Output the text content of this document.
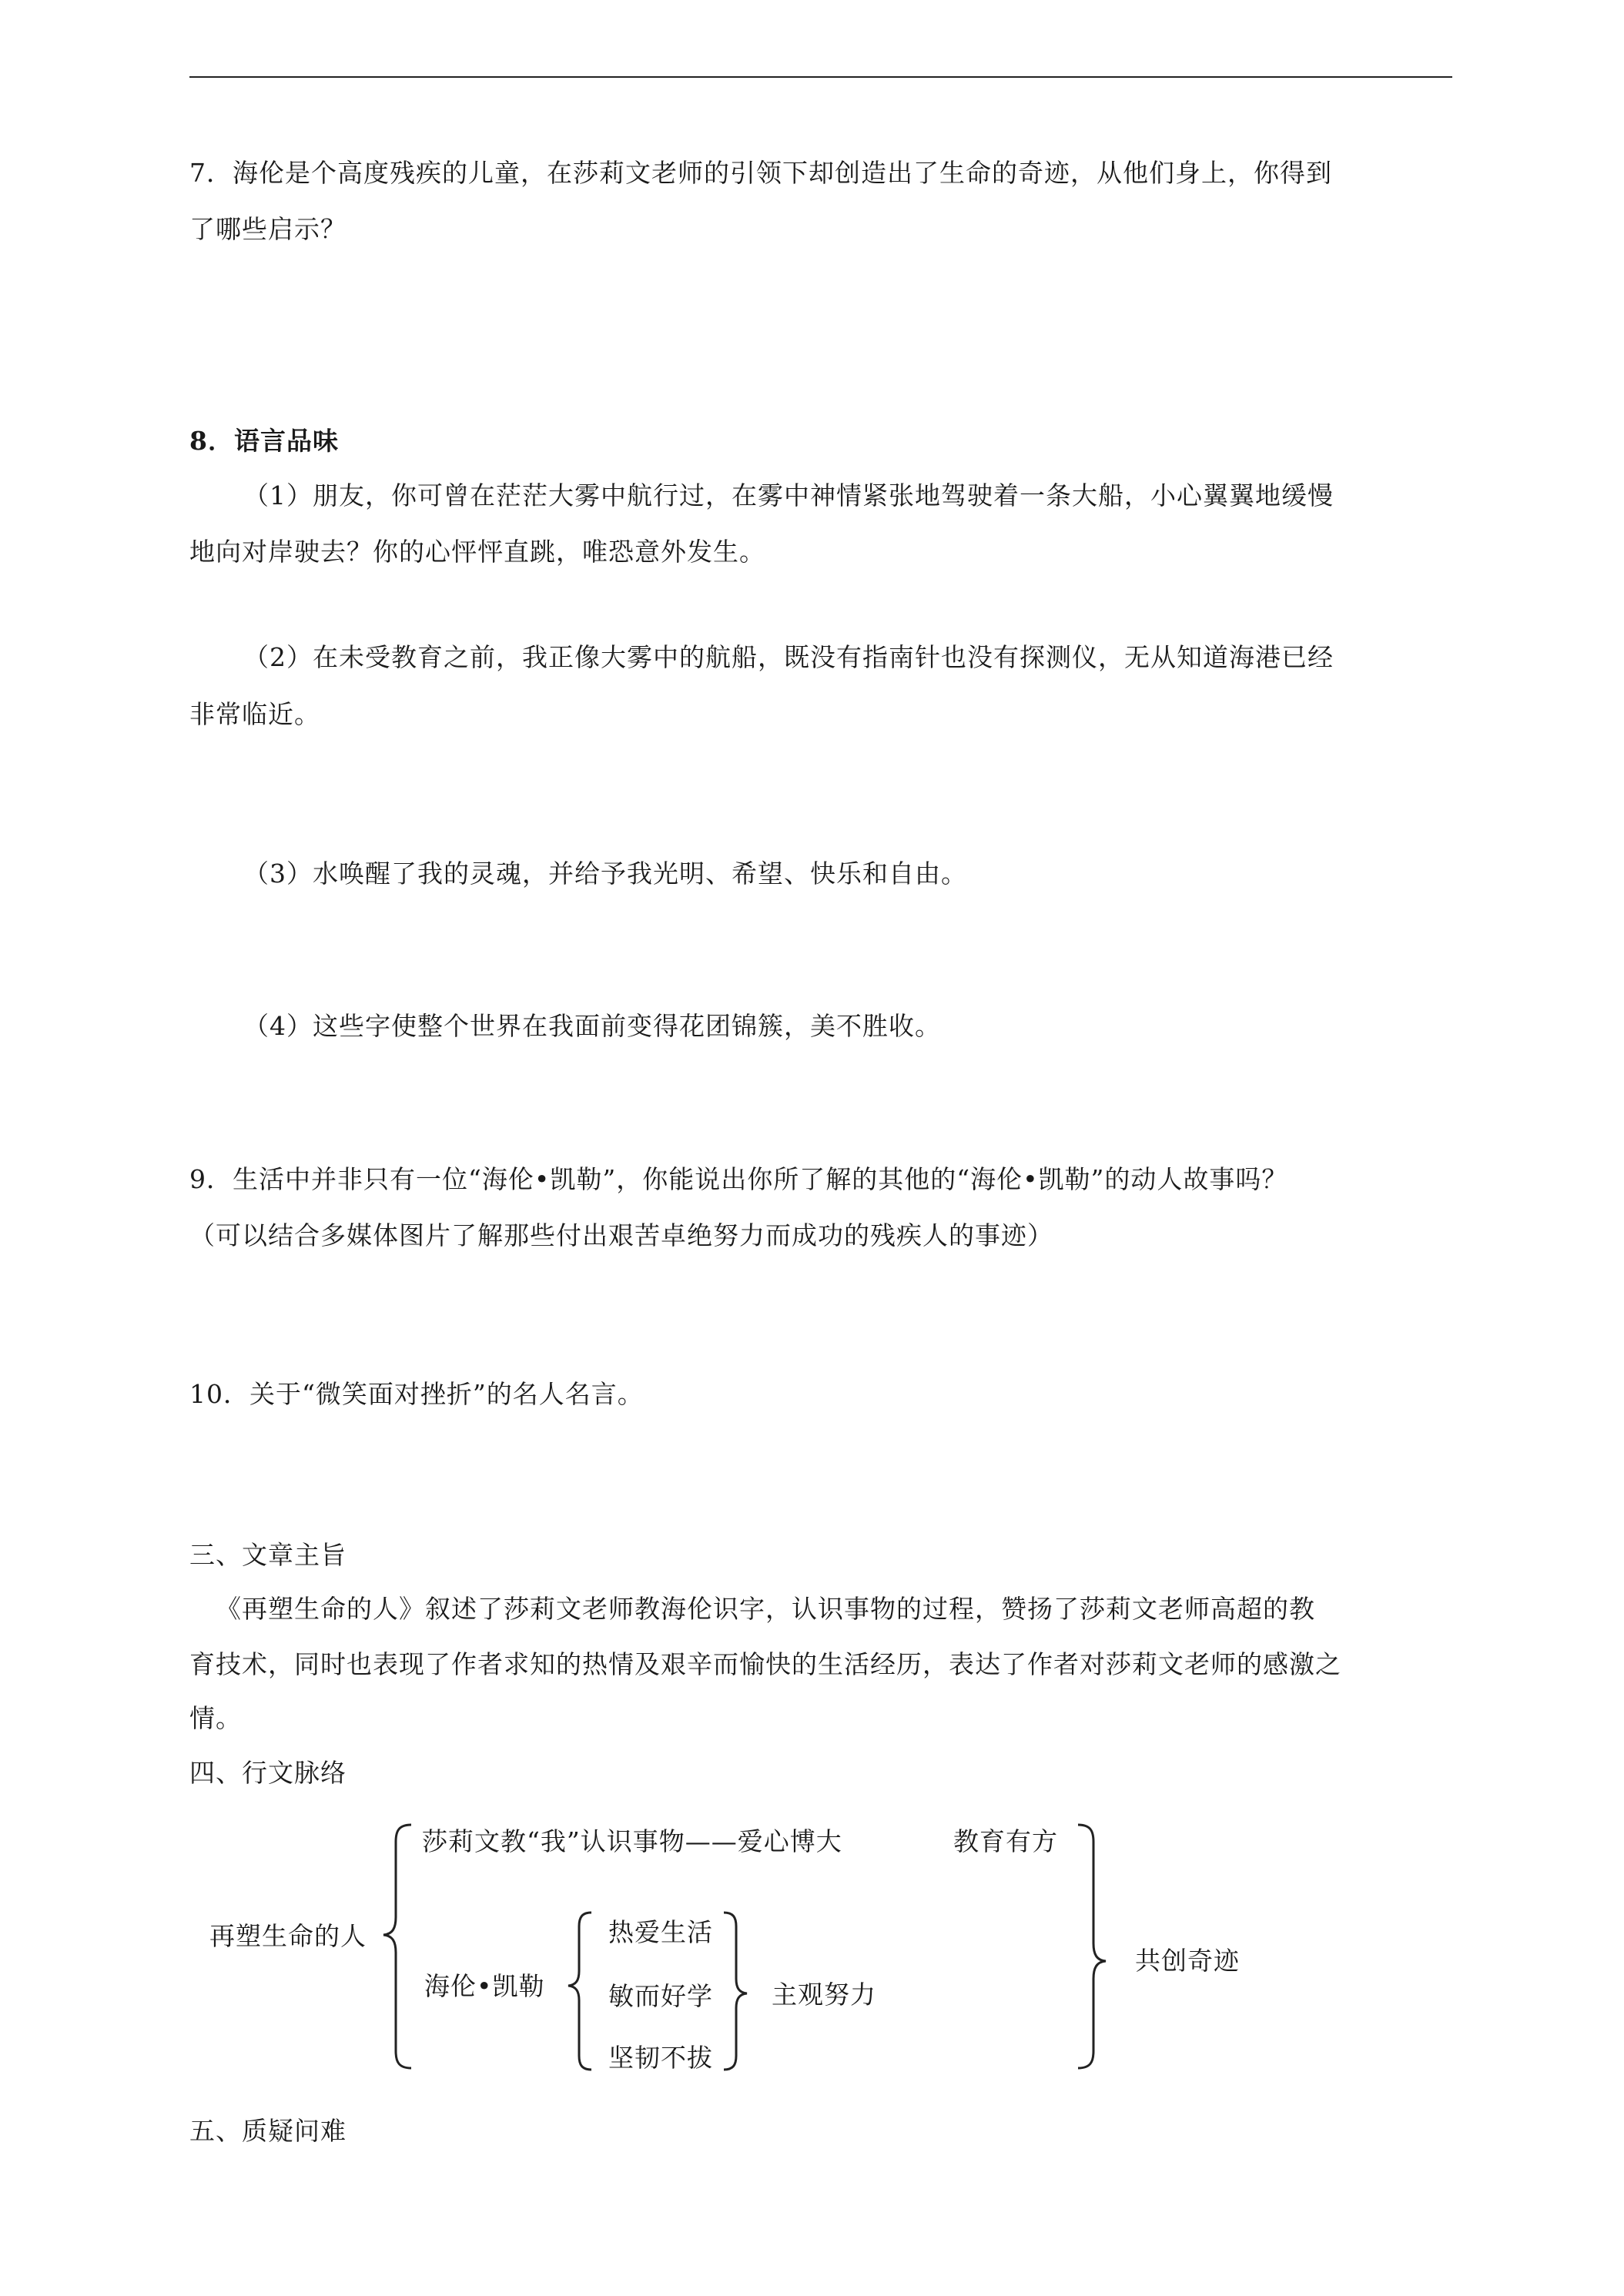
7．海伦是个高度残疾的儿童，在莎莉文老师的引领下却创造出了生命的奇迹，从他们身上，你得到
了哪些启示？
8．语言品味
（1）朋友，你可曾在茫茫大雾中航行过，在雾中神情紧张地驾驶着一条大船，小心翼翼地缓慢
地向对岸驶去？你的心怦怦直跳，唯恐意外发生。
（2）在未受教育之前，我正像大雾中的航船，既没有指南针也没有探测仪，无从知道海港已经
非常临近。
（3）水唤醒了我的灵魂，并给予我光明、希望、快乐和自由。
（4）这些字使整个世界在我面前变得花团锦簇，美不胜收。
9．生活中并非只有一位“海伦•凯勒”，你能说出你所了解的其他的“海伦•凯勒”的动人故事吗？
（可以结合多媒体图片了解那些付出艰苦卓绝努力而成功的残疾人的事迹）
10．关于“微笑面对挫折”的名人名言。
三、文章主旨
《再塑生命的人》叙述了莎莉文老师教海伦识字，认识事物的过程，赞扬了莎莉文老师高超的教
育技术，同时也表现了作者求知的热情及艰辛而愉快的生活经历，表达了作者对莎莉文老师的感激之
情。
四、行文脉络
再塑生命的人
莎莉文教“我”认识事物——爱心博大	教育有方
海伦•凯勒
热爱生活
敏而好学
坚韧不拔
主观努力
共创奇迹
五、质疑问难
